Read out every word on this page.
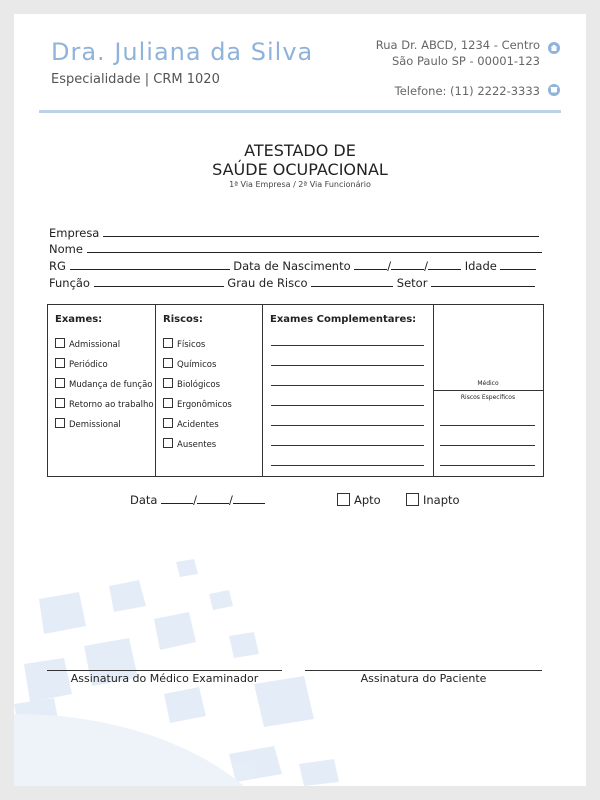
Dra. Juliana da Silva
Especialidade | CRM 1020
Rua Dr. ABCD, 1234 - Centro
São Paulo SP - 00001-123
Telefone: (11) 2222-3333
ATESTADO DE
SAÚDE OCUPACIONAL
1ª Via Empresa / 2ª Via Funcionário
Empresa
Nome
RG	Data de Nascimento	/	/	Idade
Função	Grau de Risco	Setor
Exames:
Admissional
Periódico
Mudança de função
Retorno ao trabalho
Demissional
Riscos:
Físicos
Químicos
Biológicos
Ergonômicos
Acidentes
Ausentes
Exames Complementares:
Médico
Riscos Específicos
Data	/	/	Apto	Inapto
Assinatura do Médico Examinador	Assinatura do Paciente
